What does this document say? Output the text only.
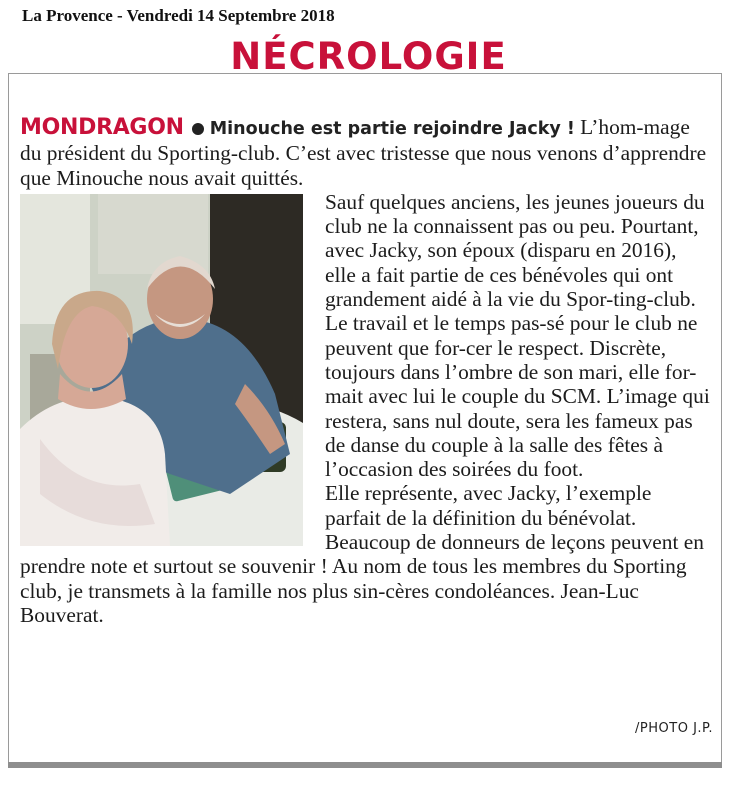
La Provence - Vendredi 14 Septembre 2018
NÉCROLOGIE

MONDRAGON Minouche est partie rejoindre Jacky ! L’hom-mage du président du Sporting-club. C’est avec tristesse que nous venons d’apprendre que Minouche nous avait quittés.

Sauf quelques anciens, les jeunes joueurs du club ne la connaissent pas ou peu. Pourtant, avec Jacky, son époux (disparu en 2016), elle a fait partie de ces bénévoles qui ont grandement aidé à la vie du Spor-ting-club. Le travail et le temps pas-sé pour le club ne peuvent que for-cer le respect. Discrète, toujours dans l’ombre de son mari, elle for-mait avec lui le couple du SCM. L’image qui restera, sans nul doute, sera les fameux pas de danse du couple à la salle des fêtes à l’occasion des soirées du foot.

Elle représente, avec Jacky, l’exemple parfait de la définition du bénévolat. Beaucoup de donneurs de leçons peuvent en prendre note et surtout se souvenir ! Au nom de tous les membres du Sporting club, je transmets à la famille nos plus sin-cères condoléances. Jean-Luc Bouverat.

/PHOTO J.P.
